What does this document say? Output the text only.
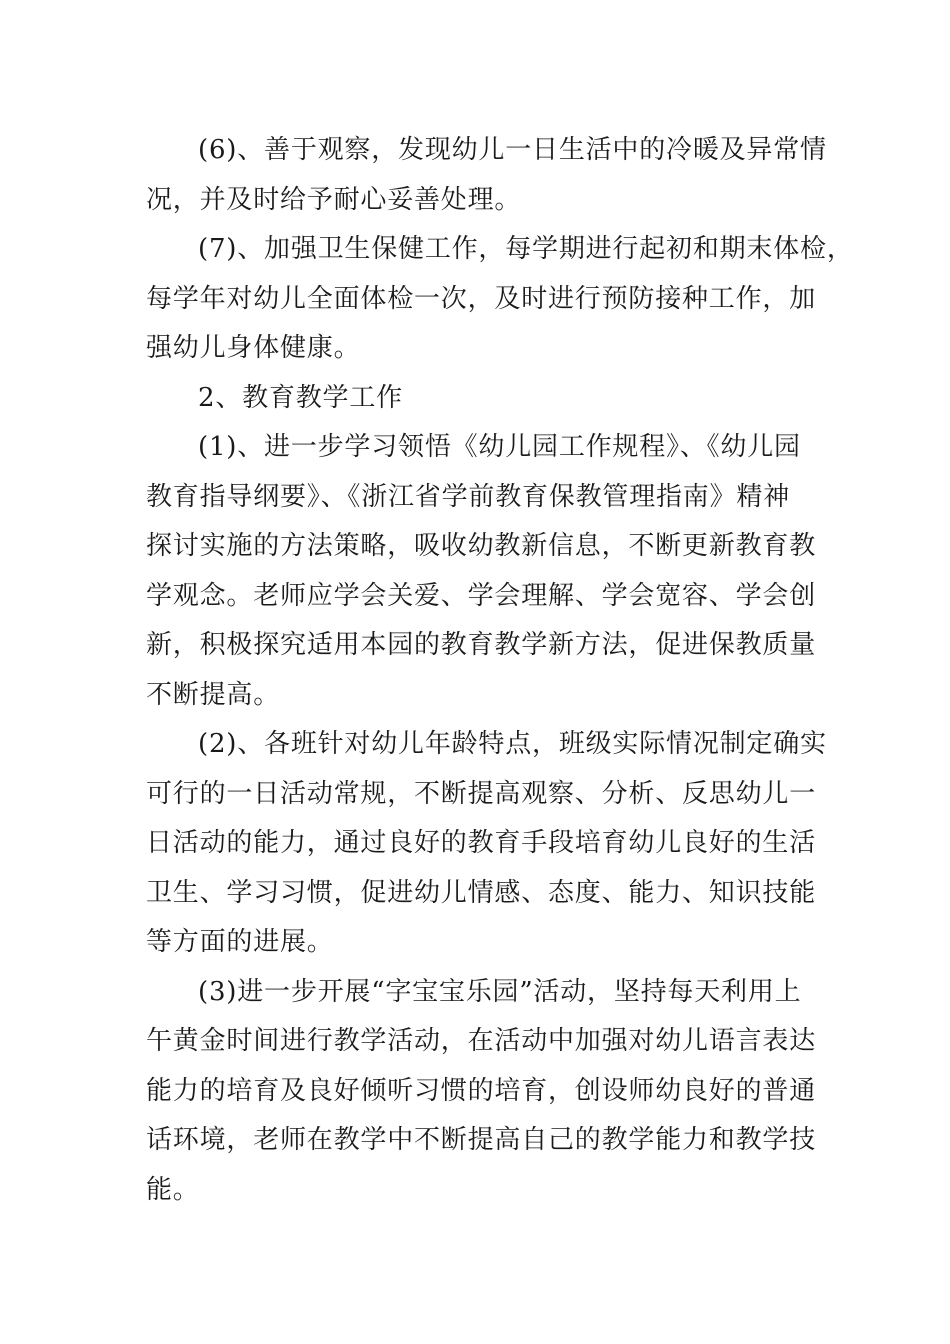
(6)、善于观察，发现幼儿一日生活中的冷暖及异常情
况，并及时给予耐心妥善处理。
(7)、加强卫生保健工作，每学期进行起初和期末体检，
每学年对幼儿全面体检一次，及时进行预防接种工作，加
强幼儿身体健康。
2、教育教学工作
(1)、进一步学习领悟《幼儿园工作规程》、《幼儿园
教育指导纲要》、《浙江省学前教育保教管理指南》精神
探讨实施的方法策略，吸收幼教新信息，不断更新教育教
学观念。老师应学会关爱、学会理解、学会宽容、学会创
新，积极探究适用本园的教育教学新方法，促进保教质量
不断提高。
(2)、各班针对幼儿年龄特点，班级实际情况制定确实
可行的一日活动常规，不断提高观察、分析、反思幼儿一
日活动的能力，通过良好的教育手段培育幼儿良好的生活
卫生、学习习惯，促进幼儿情感、态度、能力、知识技能
等方面的进展。
(3)进一步开展“字宝宝乐园”活动，坚持每天利用上
午黄金时间进行教学活动，在活动中加强对幼儿语言表达
能力的培育及良好倾听习惯的培育，创设师幼良好的普通
话环境，老师在教学中不断提高自己的教学能力和教学技
能。
